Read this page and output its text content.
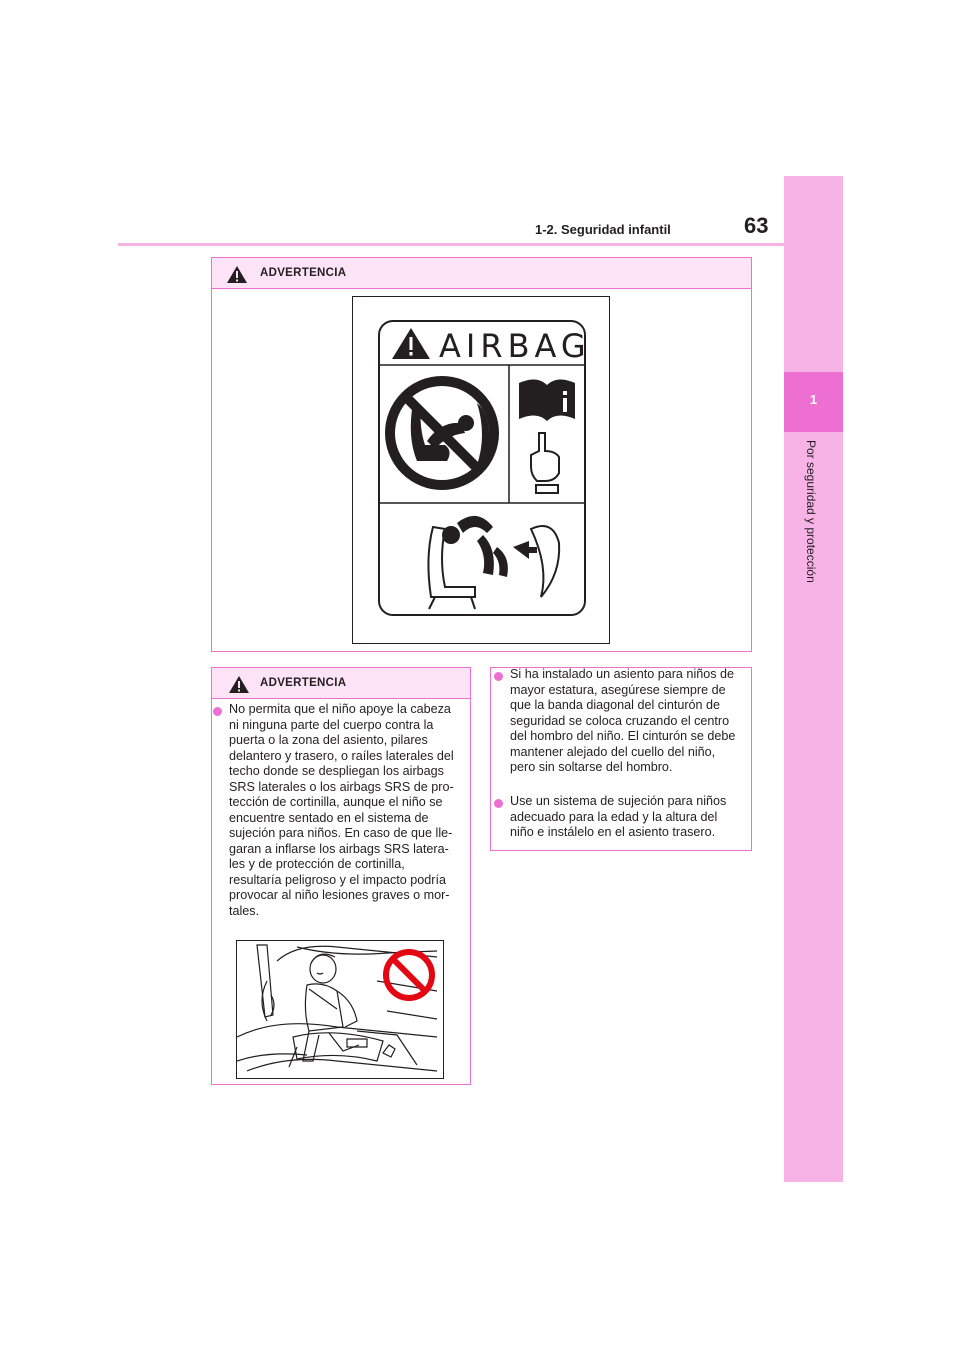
1
Por seguridad y protección
1-2. Seguridad infantil	63
ADVERTENCIA
AIRBAG
ADVERTENCIA
No permita que el niño apoye la cabeza
ni ninguna parte del cuerpo contra la
puerta o la zona del asiento, pilares
delantero y trasero, o raíles laterales del
techo donde se despliegan los airbags
SRS laterales o los airbags SRS de pro-
tección de cortinilla, aunque el niño se
encuentre sentado en el sistema de
sujeción para niños. En caso de que lle-
garan a inflarse los airbags SRS latera-
les y de protección de cortinilla,
resultaría peligroso y el impacto podría
provocar al niño lesiones graves o mor-
tales.
Si ha instalado un asiento para niños de
mayor estatura, asegúrese siempre de
que la banda diagonal del cinturón de
seguridad se coloca cruzando el centro
del hombro del niño. El cinturón se debe
mantener alejado del cuello del niño,
pero sin soltarse del hombro.
Use un sistema de sujeción para niños
adecuado para la edad y la altura del
niño e instálelo en el asiento trasero.
